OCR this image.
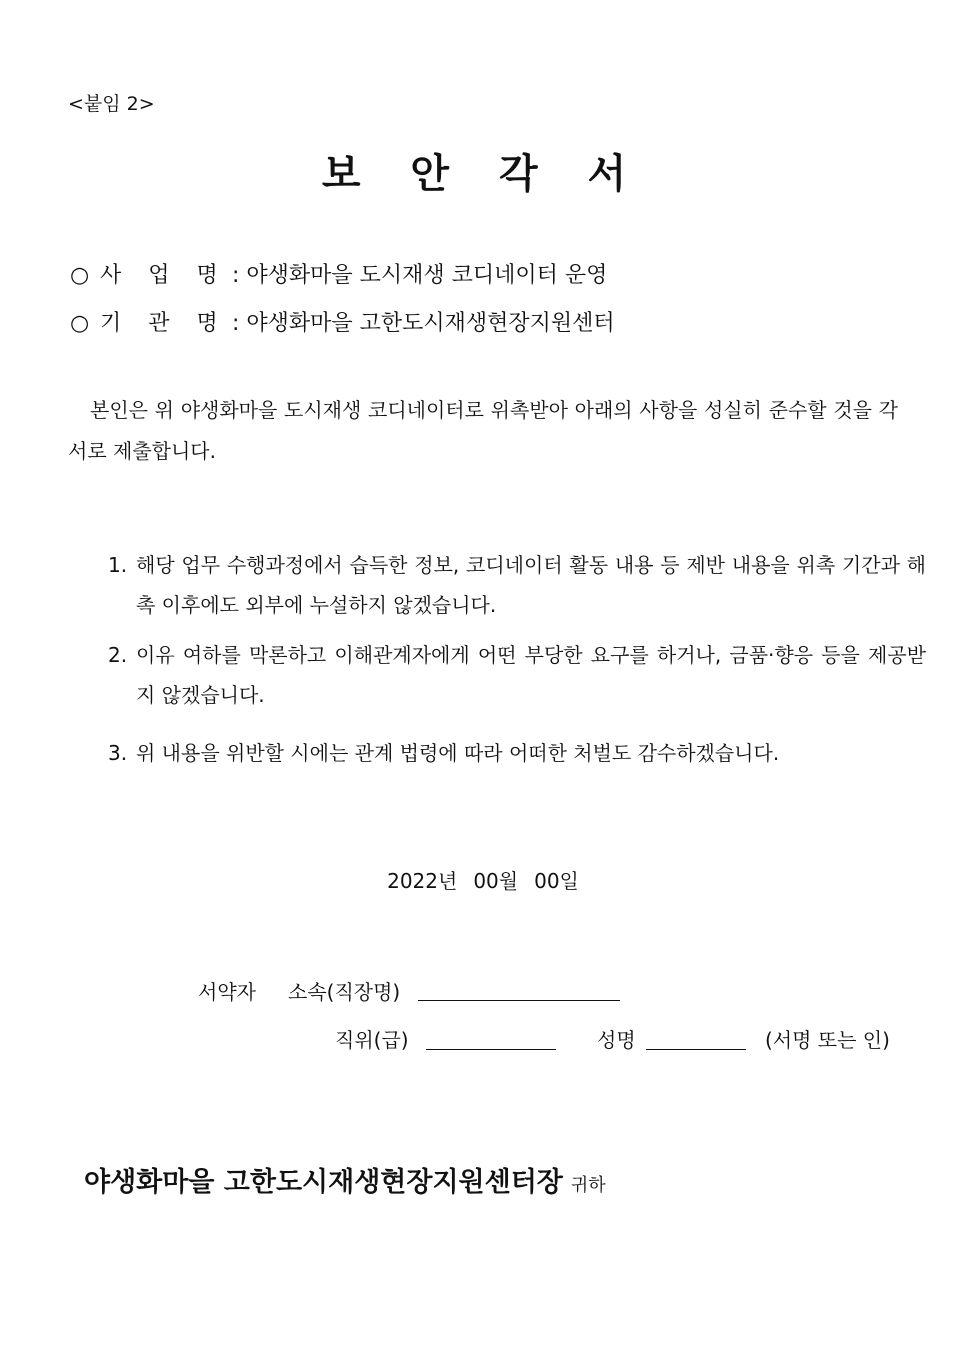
<붙임 2>
보 안 각 서
○ 사 업 명 : 야생화마을 도시재생 코디네이터 운영
○ 기 관 명 : 야생화마을 고한도시재생현장지원센터
본인은 위 야생화마을 도시재생 코디네이터로 위촉받아 아래의 사항을 성실히 준수할 것을 각서로 제출합니다.
1. 해당 업무 수행과정에서 습득한 정보, 코디네이터 활동 내용 등 제반 내용을 위촉 기간과 해촉 이후에도 외부에 누설하지 않겠습니다.
2. 이유 여하를 막론하고 이해관계자에게 어떤 부당한 요구를 하거나, 금품·향응 등을 제공받지 않겠습니다.
3. 위 내용을 위반할 시에는 관계 법령에 따라 어떠한 처벌도 감수하겠습니다.
2022년 00월 00일
서약자 소속(직장명)
직위(급)	성명	(서명 또는 인)
야생화마을 고한도시재생현장지원센터장 귀하
